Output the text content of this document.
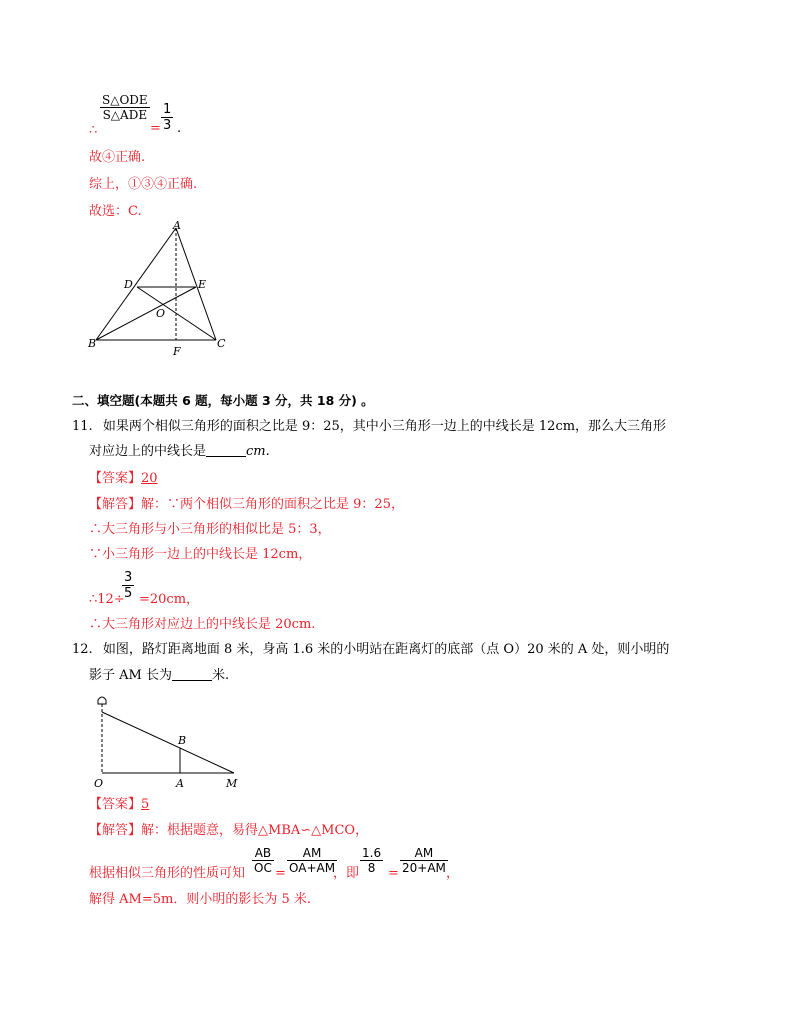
S△ODE
S△ADE
∴	= $\frac{1}{3}$ .
故④正确.
综上，①③④正确.
故选：C.
A
D	E
O
B
F
C
二、填空题(本题共 6 题，每小题 3 分，共 18 分) 。
11. 如果两个相似三角形的面积之比是 9：25，其中小三角形一边上的中线长是 12cm，那么大三角形
对应边上的中线长是	cm.
【答案】20
【解答】解：∵两个相似三角形的面积之比是 9：25，
∴大三角形与小三角形的相似比是 5：3，
∵小三角形一边上的中线长是 12cm，
∴12÷
$\frac{3}{5} =20cm$，
∴大三角形对应边上的中线长是 20cm.
12. 如图，路灯距离地面 8 米，身高 1.6 米的小明站在距离灯的底部（点 O）20 米的 A 处，则小明的
影子 AM 长为	米.
B
O	A	M
【答案】5
【解答】解：根据题意，易得△MBA∽△MCO，
根据相似三角形的性质可知 $\frac{AB}{OC} = \frac{AM}{OA+AM}$
，即 $\frac{1.6}{8} = \frac{AM}{20+AM}$
，
解得 AM=5m．则小明的影长为 5 米.
